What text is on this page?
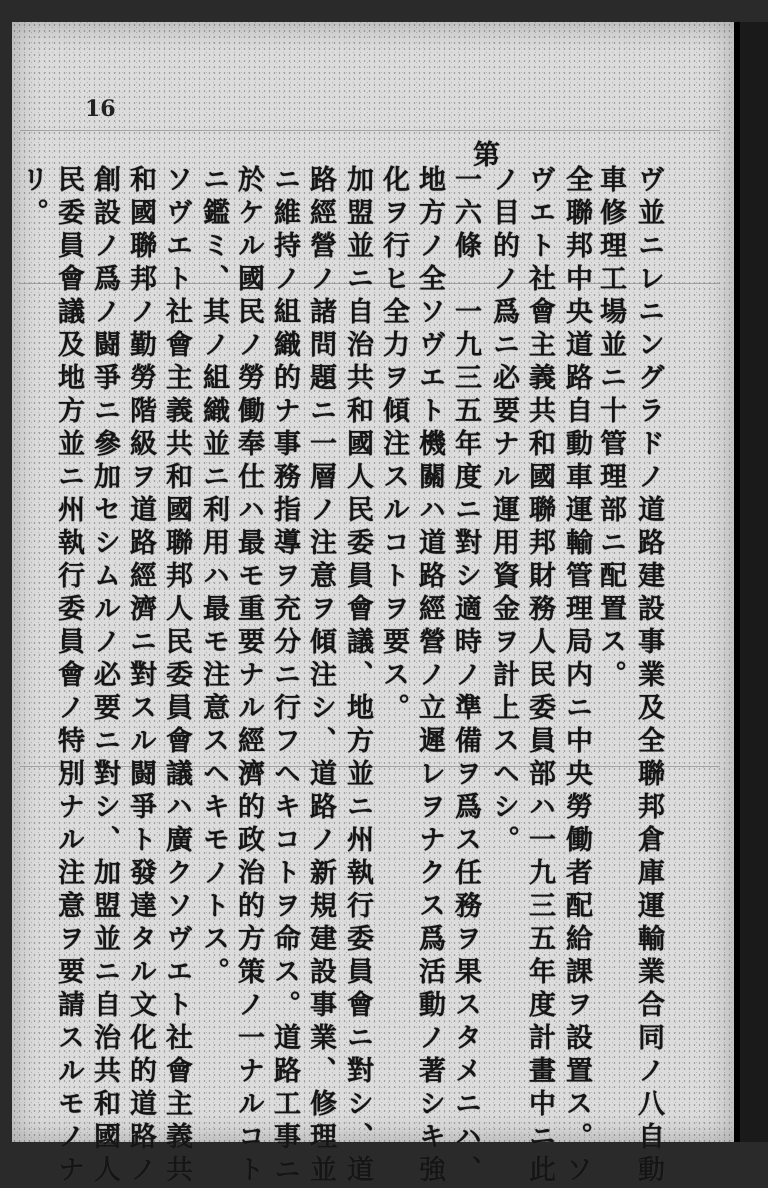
16
第
ヴ並ニレニングラドノ道路建設事業及全聯邦倉庫運輸業合同ノ八自動
車修理工場並ニ十管理部ニ配置ス。
全聯邦中央道路自動車運輸管理局内ニ中央勞働者配給課ヲ設置ス。ソ
ヴエト社會主義共和國聯邦財務人民委員部ハ一九三五年度計畫中ニ此
ノ目的ノ爲ニ必要ナル運用資金ヲ計上スヘシ。
一六條　一九三五年度ニ對シ適時ノ準備ヲ爲ス任務ヲ果スタメニハ、
地方ノ全ソヴエト機關ハ道路經營ノ立遲レヲナクス爲活動ノ著シキ強
化ヲ行ヒ全力ヲ傾注スルコトヲ要ス。
加盟並ニ自治共和國人民委員會議、地方並ニ州執行委員會ニ對シ、道
路經營ノ諸問題ニ一層ノ注意ヲ傾注シ、道路ノ新規建設事業、修理並
ニ維持ノ組織的ナ事務指導ヲ充分ニ行フヘキコトヲ命ス。道路工事ニ
於ケル國民ノ勞働奉仕ハ最モ重要ナル經濟的政治的方策ノ一ナルコト
ニ鑑ミ、其ノ組織並ニ利用ハ最モ注意スヘキモノトス。
ソヴエト社會主義共和國聯邦人民委員會議ハ廣クソヴエト社會主義共
和國聯邦ノ勤勞階級ヲ道路經濟ニ對スル闘爭ト發達タル文化的道路ノ
創設ノ爲ノ闘爭ニ參加セシムルノ必要ニ對シ、加盟並ニ自治共和國人
民委員會議及地方並ニ州執行委員會ノ特別ナル注意ヲ要請スルモノナ
リ。
